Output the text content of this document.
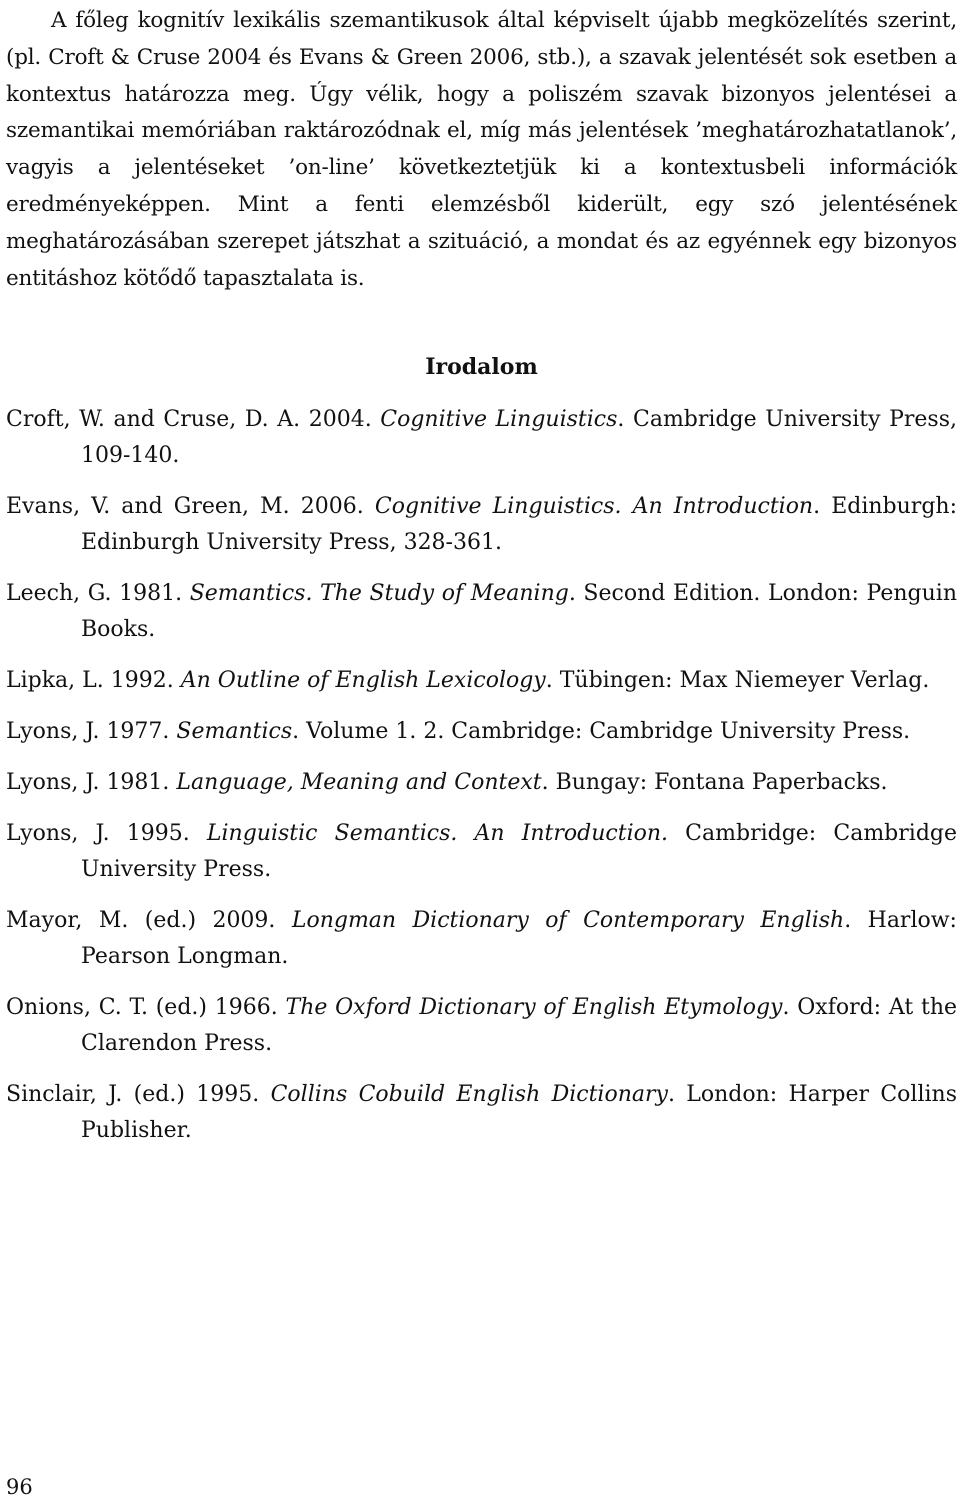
A főleg kognitív lexikális szemantikusok által képviselt újabb megközelítés szerint, (pl. Croft & Cruse 2004 és Evans & Green 2006, stb.), a szavak jelentését sok esetben a kontextus határozza meg. Úgy vélik, hogy a poliszém szavak bizonyos jelentései a szemantikai memóriában raktározódnak el, míg más jelentések ’meghatározhatatlanok’, vagyis a jelentéseket ’on-line’ következtetjük ki a kontextusbeli információk eredményeképpen. Mint a fenti elemzésből kiderült, egy szó jelentésének meghatározásában szerepet játszhat a szituáció, a mondat és az egyénnek egy bizonyos entitáshoz kötődő tapasztalata is.

Irodalom

Croft, W. and Cruse, D. A. 2004. Cognitive Linguistics. Cambridge University Press, 109-140.

Evans, V. and Green, M. 2006. Cognitive Linguistics. An Introduction. Edinburgh: Edinburgh University Press, 328-361.

Leech, G. 1981. Semantics. The Study of Meaning. Second Edition. London: Penguin Books.

Lipka, L. 1992. An Outline of English Lexicology. Tübingen: Max Niemeyer Verlag.

Lyons, J. 1977. Semantics. Volume 1. 2. Cambridge: Cambridge University Press.

Lyons, J. 1981. Language, Meaning and Context. Bungay: Fontana Paperbacks.

Lyons, J. 1995. Linguistic Semantics. An Introduction. Cambridge: Cambridge University Press.

Mayor, M. (ed.) 2009. Longman Dictionary of Contemporary English. Harlow: Pearson Longman.

Onions, C. T. (ed.) 1966. The Oxford Dictionary of English Etymology. Oxford: At the Clarendon Press.

Sinclair, J. (ed.) 1995. Collins Cobuild English Dictionary. London: Harper Collins Publisher.

96
